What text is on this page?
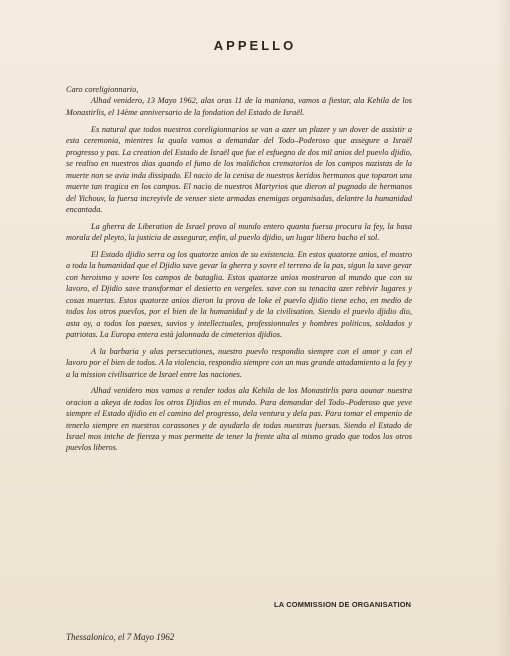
APPELLO

Caro coreligionnario,

Alhad venidero, 13 Mayo 1962, alas oras 11 de la maniana, vamos a fiestar, ala Kehila de los Monastirlis, el 14ème anniversario de la fondation del Estado de Israël.

Es natural que todos nuestros coreligionnarios se van a azer un plazer y un dover de assistir a esta ceremonia, mientres la quala vamos a demandar del Todo–Poderoso que assegure a Israël progresso y pas. La creation del Estado de Israël que fue el esfuegno de dos mil anios del puevlo djidio, se realiso en nuestros dias quando el fumo de los maldichos crematorios de los campos nazistas de la muerte non se avia inda dissipado. El nacio de la cenisa de nuestros keridos hermanos que toparon una muerte tan tragica en los campos. El nacio de nuestros Martyrios que dieron al pugnado de hermanos del Yichouv, la fuersa increyivle de venser siete armadas enemigas organisadas, delantre la humanidad encantada.

La gherra de Liberation de Israel provo al mundo entero quanta fuersa procura la fey, la basa morala del pleyto, la justicia de assegurar, enfin, al puevlo djidio, un lugar libero bacho el sol.

El Estado djidio serra og los quatorze anios de su existencia. En estos quatorze anios, el mostro a toda la humanidad que el Djidio save gevar la gherra y sovre el terreno de la pas, sigun la save gevar con heroismo y sovre los campos de bataglia. Estos quatorze anios mostraron al mundo que con su lavoro, el Djidio save transformar el desierto en vergeles. save con su tenacita azer rebivir lugares y cosas muertas. Estos quatorze anios dieron la prova de loke el puevlo djidio tiene echo, en medio de todos los otros puevlos, por el bien de la humanidad y de la civilisation. Siendo el puevlo djidio dio, asta oy, a todos los paeses, savios y intellectuales, professionnales y hombres politicos, soldados y patriotas. La Europa entera està jalonnada de cimeterios djidios.

A la barbaria y alas persecutiones, nuestro puevlo respondio siempre con el amor y con el lavoro por el bien de todos. A la violencia, respondio siempre con un mas grande attadamiento a la fey y a la mission civilisatrice de Israel entre las naciones.

Alhad venidero mos vamos a render todos ala Kehila de los Monastirlis para aounar nuestra oracion a akeya de todos los otros Djidios en el mundo. Para demandar del Todo–Poderoso que yeve siempre el Estado djidio en el camino del progresso, dela ventura y dela pas. Para tomar el empenio de tenerlo siempre en nuestros corassones y de ayudarlo de todas nuestras fuersas. Siendo el Estado de Israel mos intche de fiereza y mos permette de tener la frente alta al mismo grado que todos los otros puevlos liberos.

LA COMMISSION DE ORGANISATION
Thessalonico, el 7 Mayo 1962
